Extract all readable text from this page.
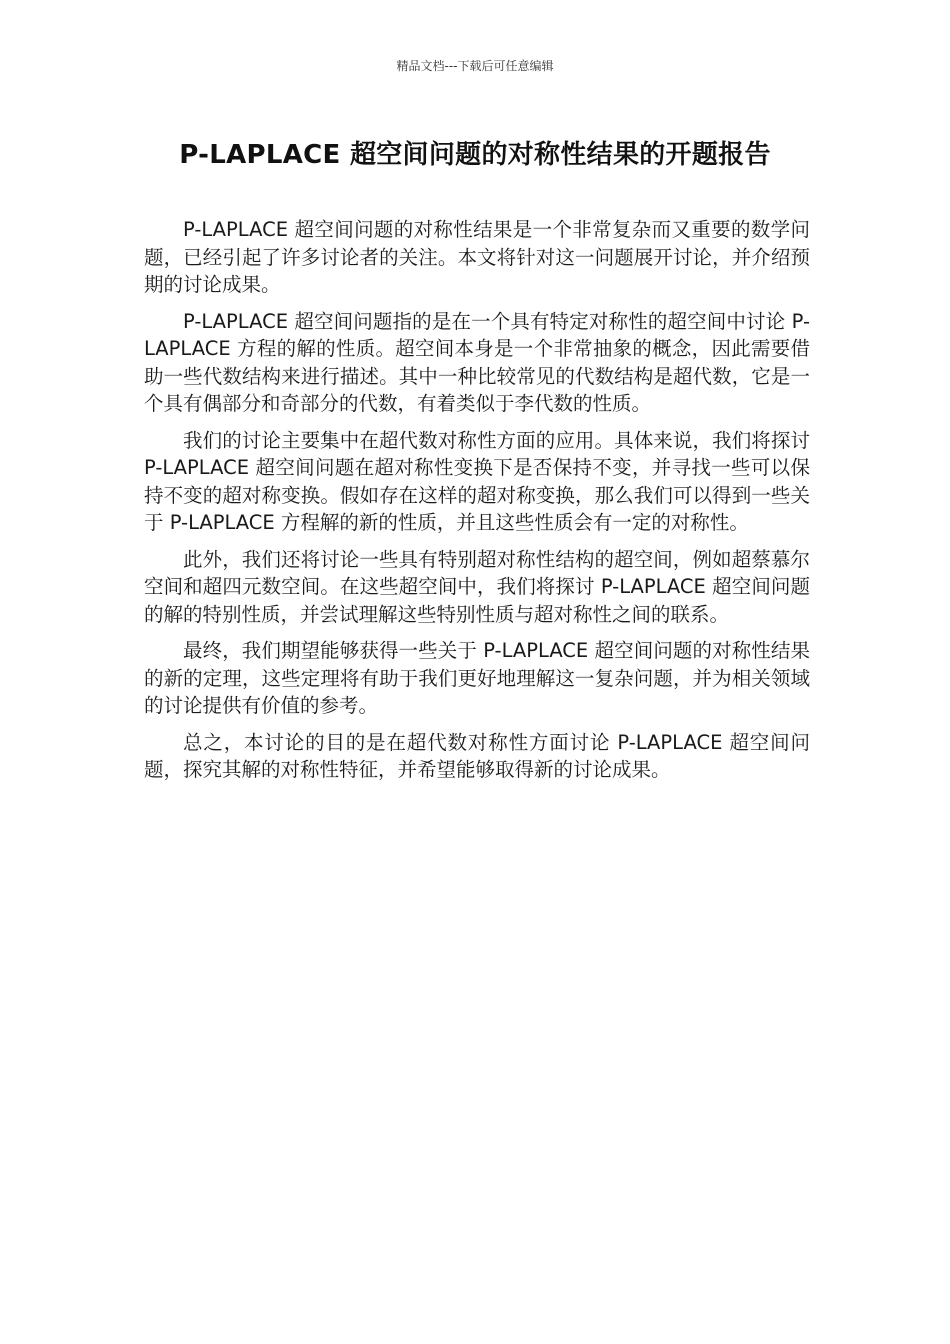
精品文档---下载后可任意编辑
P-LAPLACE 超空间问题的对称性结果的开题报告

P-LAPLACE 超空间问题的对称性结果是一个非常复杂而又重要的数学问题，已经引起了许多讨论者的关注。本文将针对这一问题展开讨论，并介绍预期的讨论成果。

P-LAPLACE 超空间问题指的是在一个具有特定对称性的超空间中讨论 P-LAPLACE 方程的解的性质。超空间本身是一个非常抽象的概念，因此需要借助一些代数结构来进行描述。其中一种比较常见的代数结构是超代数，它是一个具有偶部分和奇部分的代数，有着类似于李代数的性质。

我们的讨论主要集中在超代数对称性方面的应用。具体来说，我们将探讨 P-LAPLACE 超空间问题在超对称性变换下是否保持不变，并寻找一些可以保持不变的超对称变换。假如存在这样的超对称变换，那么我们可以得到一些关于 P-LAPLACE 方程解的新的性质，并且这些性质会有一定的对称性。

此外，我们还将讨论一些具有特别超对称性结构的超空间，例如超蔡慕尔空间和超四元数空间。在这些超空间中，我们将探讨 P-LAPLACE 超空间问题的解的特别性质，并尝试理解这些特别性质与超对称性之间的联系。

最终，我们期望能够获得一些关于 P-LAPLACE 超空间问题的对称性结果的新的定理，这些定理将有助于我们更好地理解这一复杂问题，并为相关领域的讨论提供有价值的参考。

总之，本讨论的目的是在超代数对称性方面讨论 P-LAPLACE 超空间问题，探究其解的对称性特征，并希望能够取得新的讨论成果。
